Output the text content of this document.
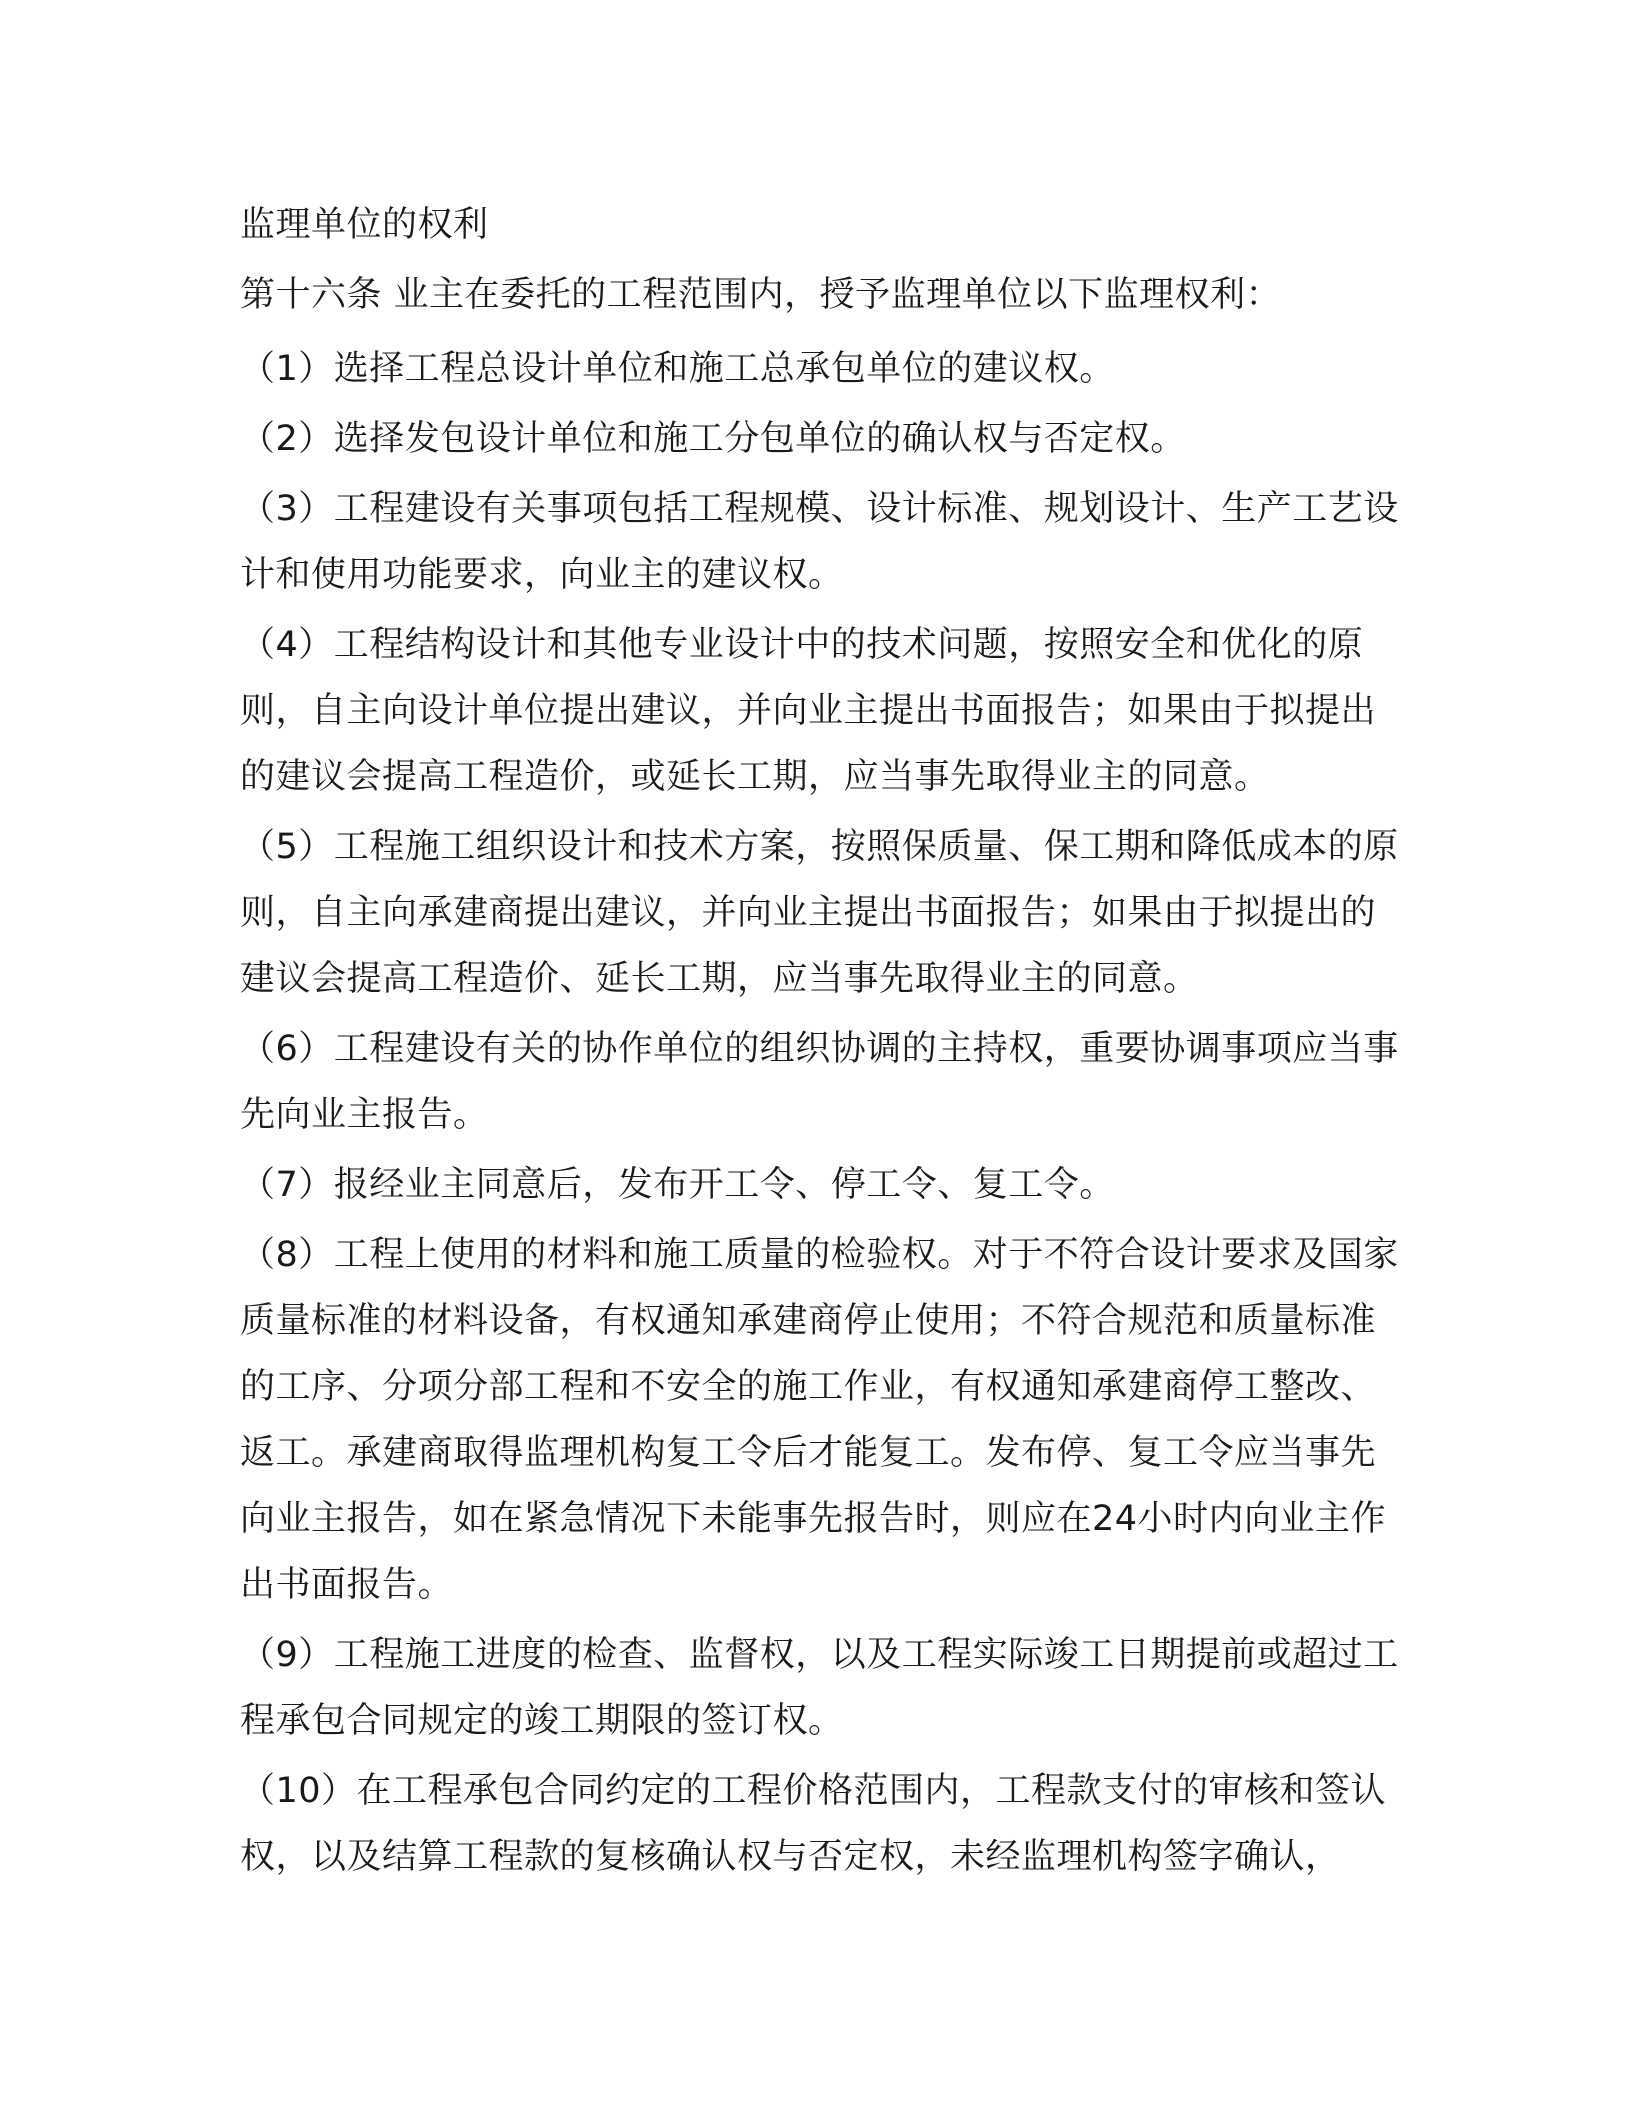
监理单位的权利

第十六条 业主在委托的工程范围内，授予监理单位以下监理权利：

（1）选择工程总设计单位和施工总承包单位的建议权。

（2）选择发包设计单位和施工分包单位的确认权与否定权。

（3）工程建设有关事项包括工程规模、设计标准、规划设计、生产工艺设计和使用功能要求，向业主的建议权。

（4）工程结构设计和其他专业设计中的技术问题，按照安全和优化的原则，自主向设计单位提出建议，并向业主提出书面报告；如果由于拟提出的建议会提高工程造价，或延长工期，应当事先取得业主的同意。

（5）工程施工组织设计和技术方案，按照保质量、保工期和降低成本的原则，自主向承建商提出建议，并向业主提出书面报告；如果由于拟提出的建议会提高工程造价、延长工期，应当事先取得业主的同意。

（6）工程建设有关的协作单位的组织协调的主持权，重要协调事项应当事先向业主报告。

（7）报经业主同意后，发布开工令、停工令、复工令。

（8）工程上使用的材料和施工质量的检验权。对于不符合设计要求及国家质量标准的材料设备，有权通知承建商停止使用；不符合规范和质量标准的工序、分项分部工程和不安全的施工作业，有权通知承建商停工整改、返工。承建商取得监理机构复工令后才能复工。发布停、复工令应当事先向业主报告，如在紧急情况下未能事先报告时，则应在24小时内向业主作出书面报告。

（9）工程施工进度的检查、监督权，以及工程实际竣工日期提前或超过工程承包合同规定的竣工期限的签订权。

（10）在工程承包合同约定的工程价格范围内，工程款支付的审核和签认权，以及结算工程款的复核确认权与否定权，未经监理机构签字确认，
